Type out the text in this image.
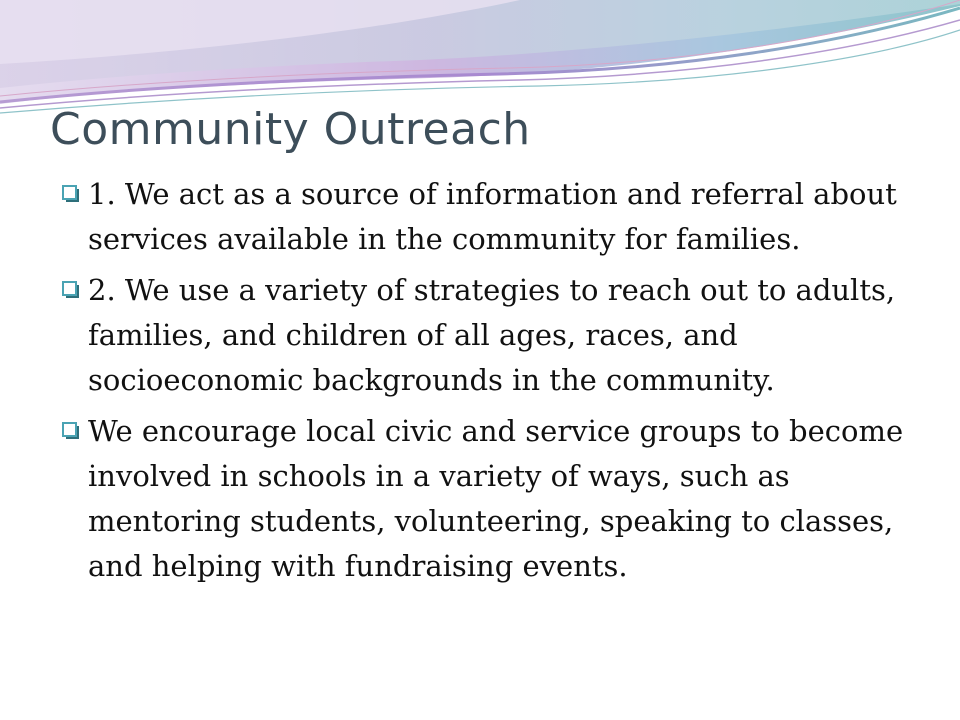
Community Outreach
1. We act as a source of information and referral about services available in the community for families.
2. We use a variety of strategies to reach out to adults, families, and children of all ages, races, and socioeconomic backgrounds in the community.
We encourage local civic and service groups to become involved in schools in a variety of ways, such as mentoring students, volunteering, speaking to classes, and helping with fundraising events.
